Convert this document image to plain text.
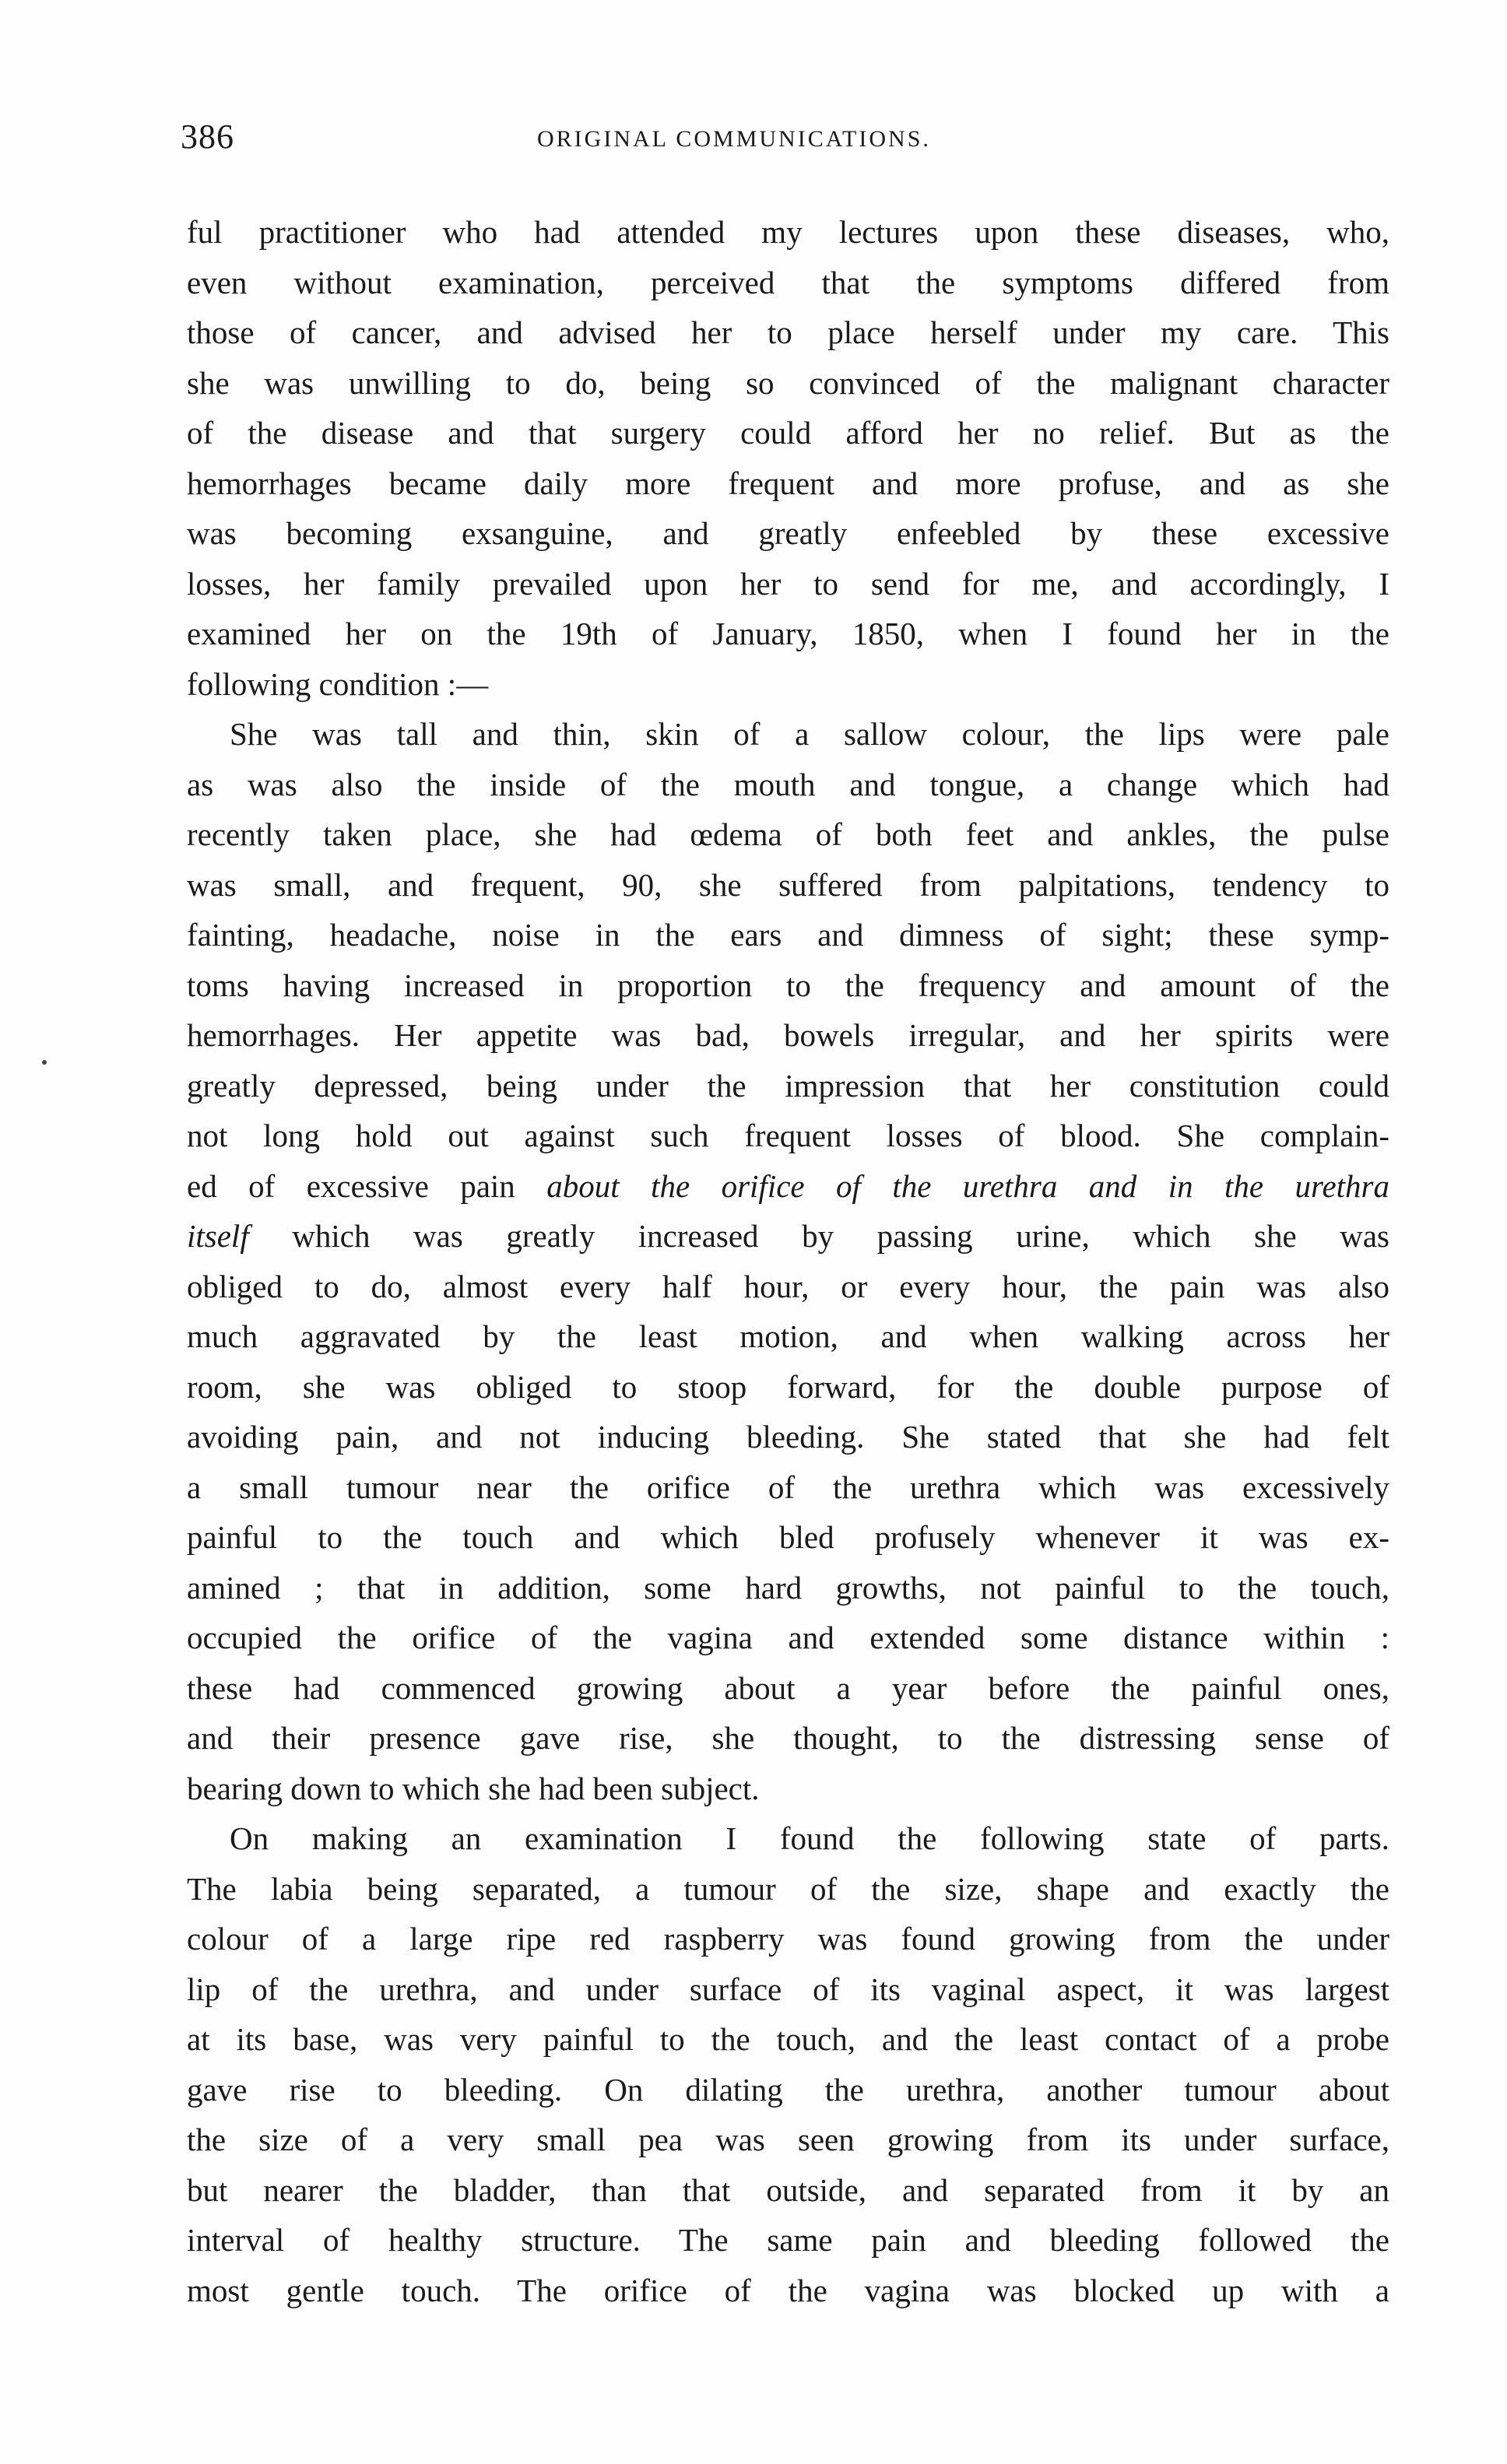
386	ORIGINAL COMMUNICATIONS.
ful practitioner who had attended my lectures upon these diseases, who,
even without examination, perceived that the symptoms differed from
those of cancer, and advised her to place herself under my care. This
she was unwilling to do, being so convinced of the malignant character
of the disease and that surgery could afford her no relief. But as the
hemorrhages became daily more frequent and more profuse, and as she
was becoming exsanguine, and greatly enfeebled by these excessive
losses, her family prevailed upon her to send for me, and accordingly, I
examined her on the 19th of January, 1850, when I found her in the
following condition :—
She was tall and thin, skin of a sallow colour, the lips were pale
as was also the inside of the mouth and tongue, a change which had
recently taken place, she had œdema of both feet and ankles, the pulse
was small, and frequent, 90, she suffered from palpitations, tendency to
fainting, headache, noise in the ears and dimness of sight; these symp-
toms having increased in proportion to the frequency and amount of the
hemorrhages. Her appetite was bad, bowels irregular, and her spirits were
greatly depressed, being under the impression that her constitution could
not long hold out against such frequent losses of blood. She complain-
ed of excessive pain about the orifice of the urethra and in the urethra
itself which was greatly increased by passing urine, which she was
obliged to do, almost every half hour, or every hour, the pain was also
much aggravated by the least motion, and when walking across her
room, she was obliged to stoop forward, for the double purpose of
avoiding pain, and not inducing bleeding. She stated that she had felt
a small tumour near the orifice of the urethra which was excessively
painful to the touch and which bled profusely whenever it was ex-
amined ; that in addition, some hard growths, not painful to the touch,
occupied the orifice of the vagina and extended some distance within :
these had commenced growing about a year before the painful ones,
and their presence gave rise, she thought, to the distressing sense of
bearing down to which she had been subject.
On making an examination I found the following state of parts.
The labia being separated, a tumour of the size, shape and exactly the
colour of a large ripe red raspberry was found growing from the under
lip of the urethra, and under surface of its vaginal aspect, it was largest
at its base, was very painful to the touch, and the least contact of a probe
gave rise to bleeding. On dilating the urethra, another tumour about
the size of a very small pea was seen growing from its under surface,
but nearer the bladder, than that outside, and separated from it by an
interval of healthy structure. The same pain and bleeding followed the
most gentle touch. The orifice of the vagina was blocked up with a
